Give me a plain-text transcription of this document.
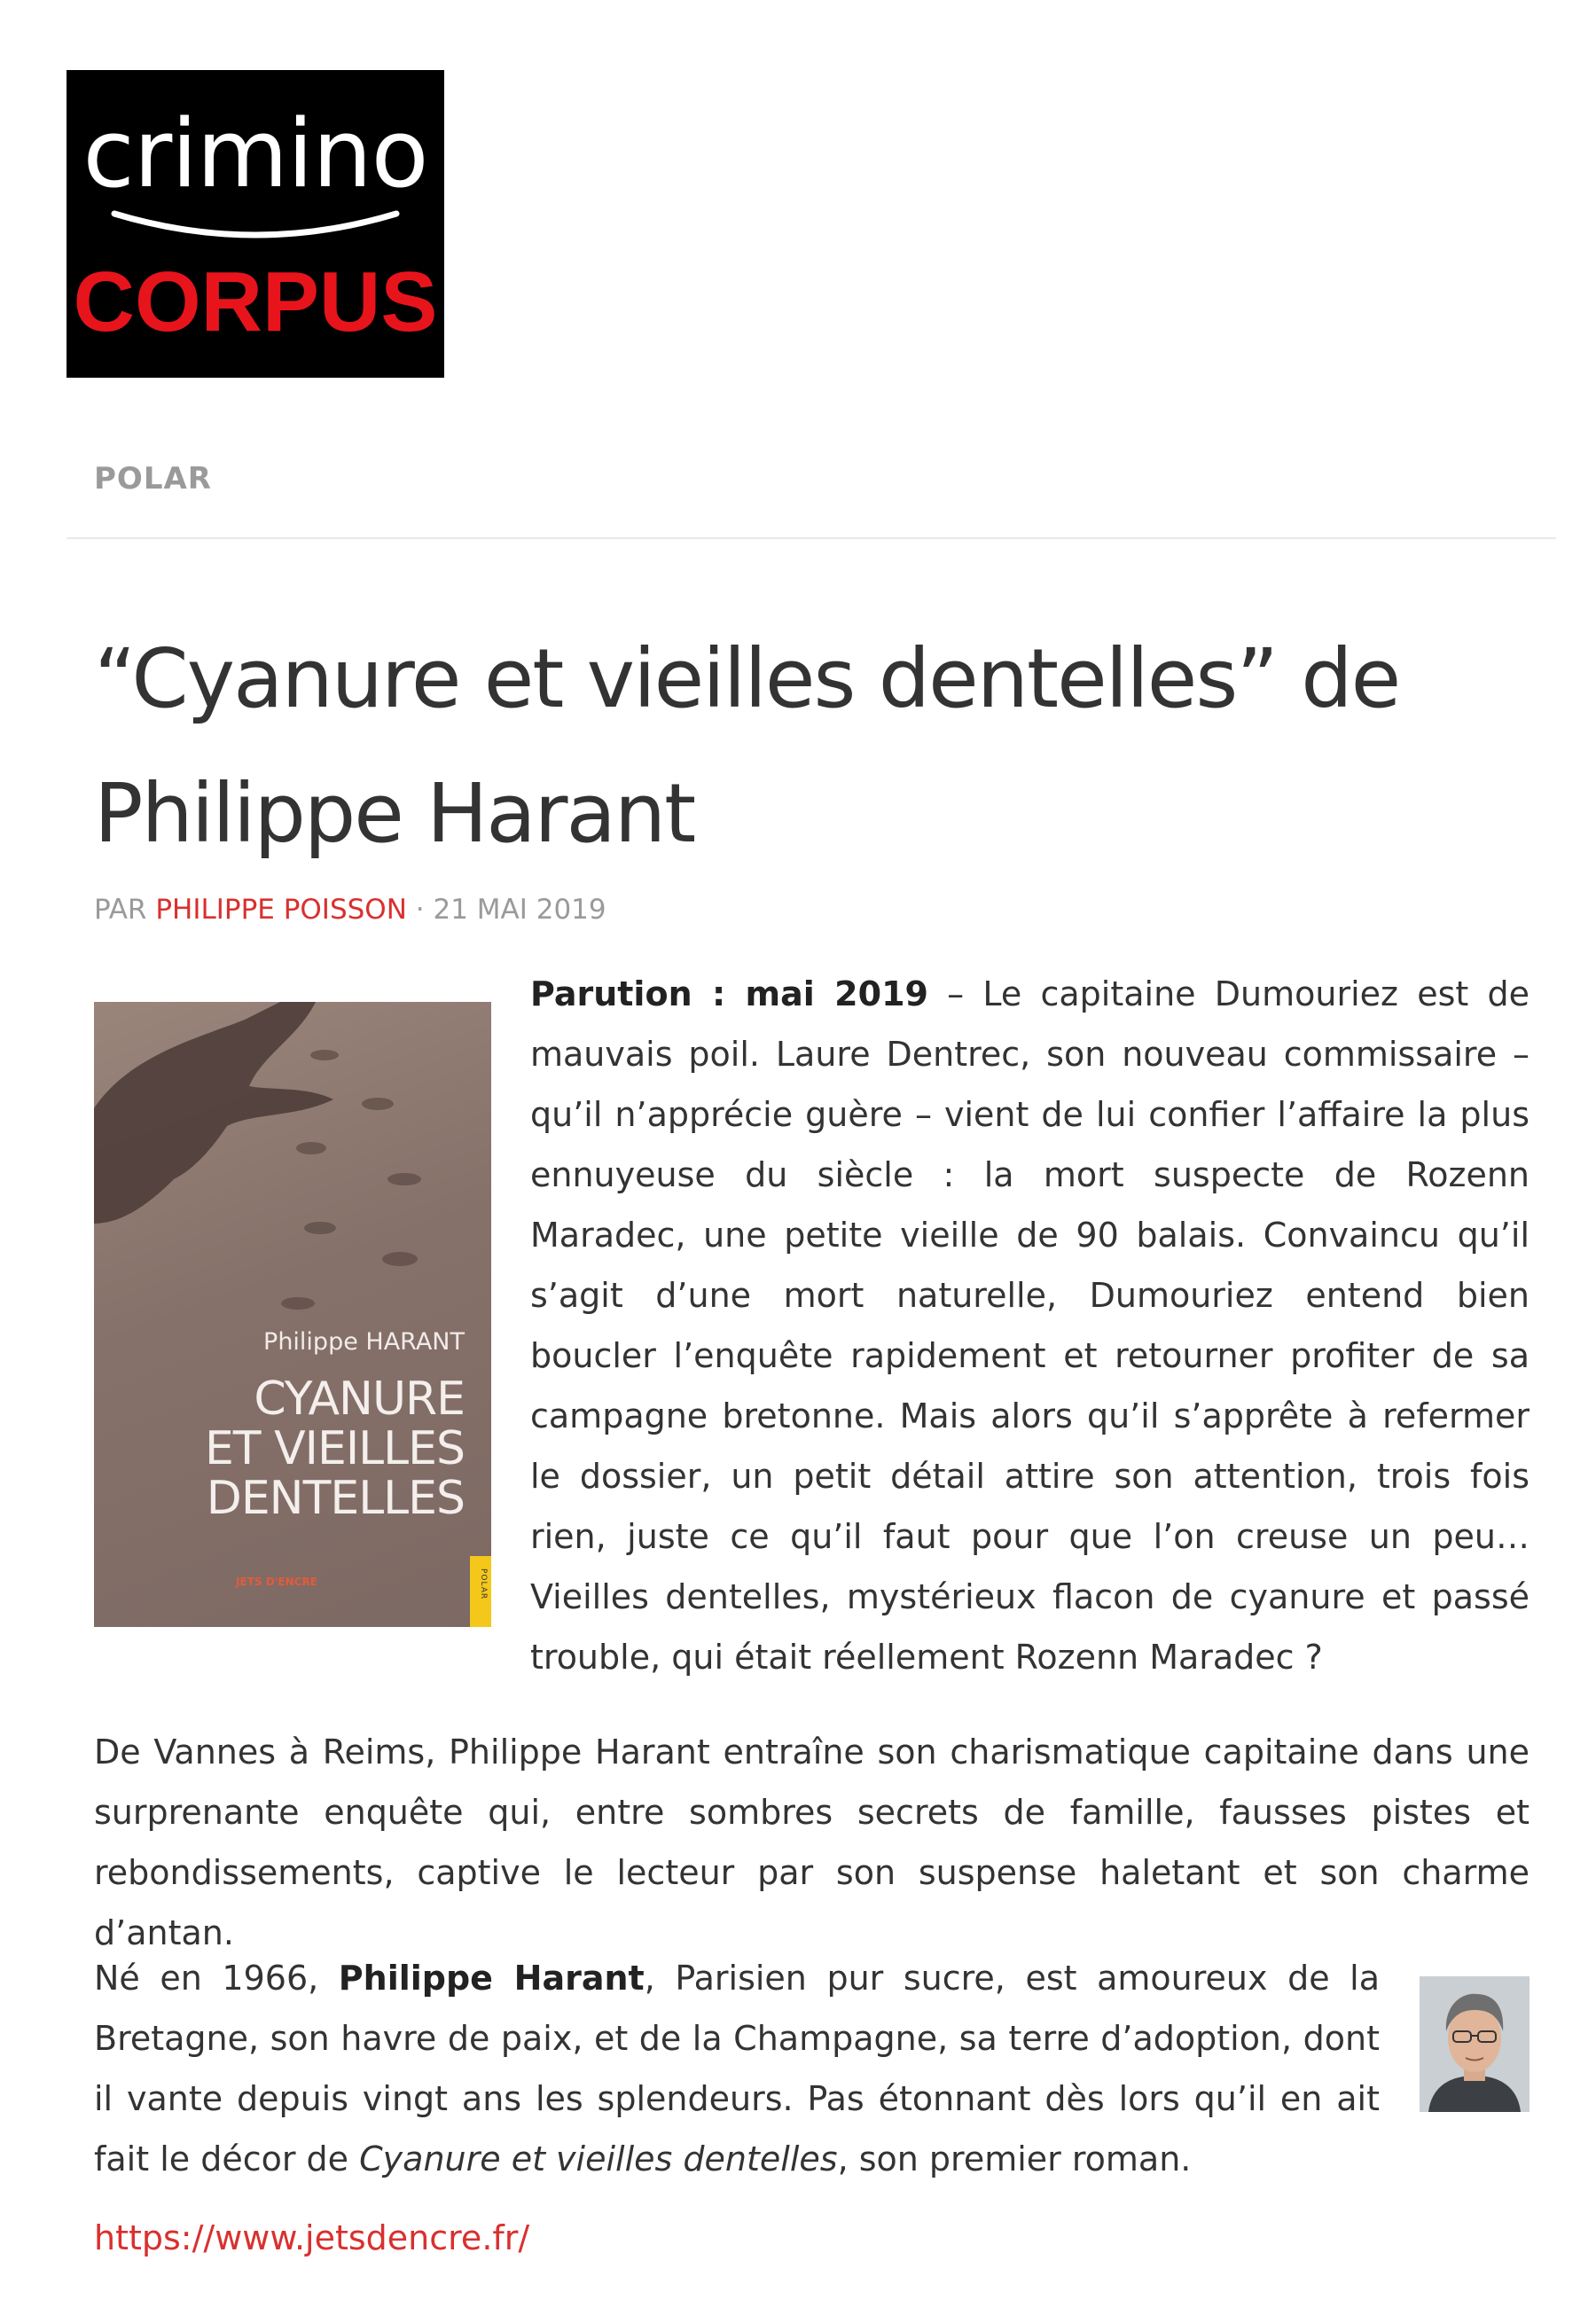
crimino
CORPUS
POLAR
“Cyanure et vieilles dentelles” de Philippe Harant
PAR PHILIPPE POISSON · 21 MAI 2019
Philippe HARANT
CYANURE
ET VIEILLES
DENTELLES
JETS D'ENCRE	POLAR

Parution : mai 2019 – Le capitaine Dumouriez est de mauvais poil. Laure Dentrec, son nouveau commissaire – qu’il n’apprécie guère – vient de lui confier l’affaire la plus ennuyeuse du siècle : la mort suspecte de Rozenn Maradec, une petite vieille de 90 balais. Convaincu qu’il s’agit d’une mort naturelle, Dumouriez entend bien boucler l’enquête rapidement et retourner profiter de sa campagne bretonne. Mais alors qu’il s’apprête à refermer le dossier, un petit détail attire son attention, trois fois rien, juste ce qu’il faut pour que l’on creuse un peu… Vieilles dentelles, mystérieux flacon de cyanure et passé trouble, qui était réellement Rozenn Maradec ?

De Vannes à Reims, Philippe Harant entraîne son charismatique capitaine dans une surprenante enquête qui, entre sombres secrets de famille, fausses pistes et rebondissements, captive le lecteur par son suspense haletant et son charme d’antan.

Né en 1966, Philippe Harant, Parisien pur sucre, est amoureux de la Bretagne, son havre de paix, et de la Champagne, sa terre d’adoption, dont il vante depuis vingt ans les splendeurs. Pas étonnant dès lors qu’il en ait fait le décor de Cyanure et vieilles dentelles, son premier roman.

https://www.jetsdencre.fr/
